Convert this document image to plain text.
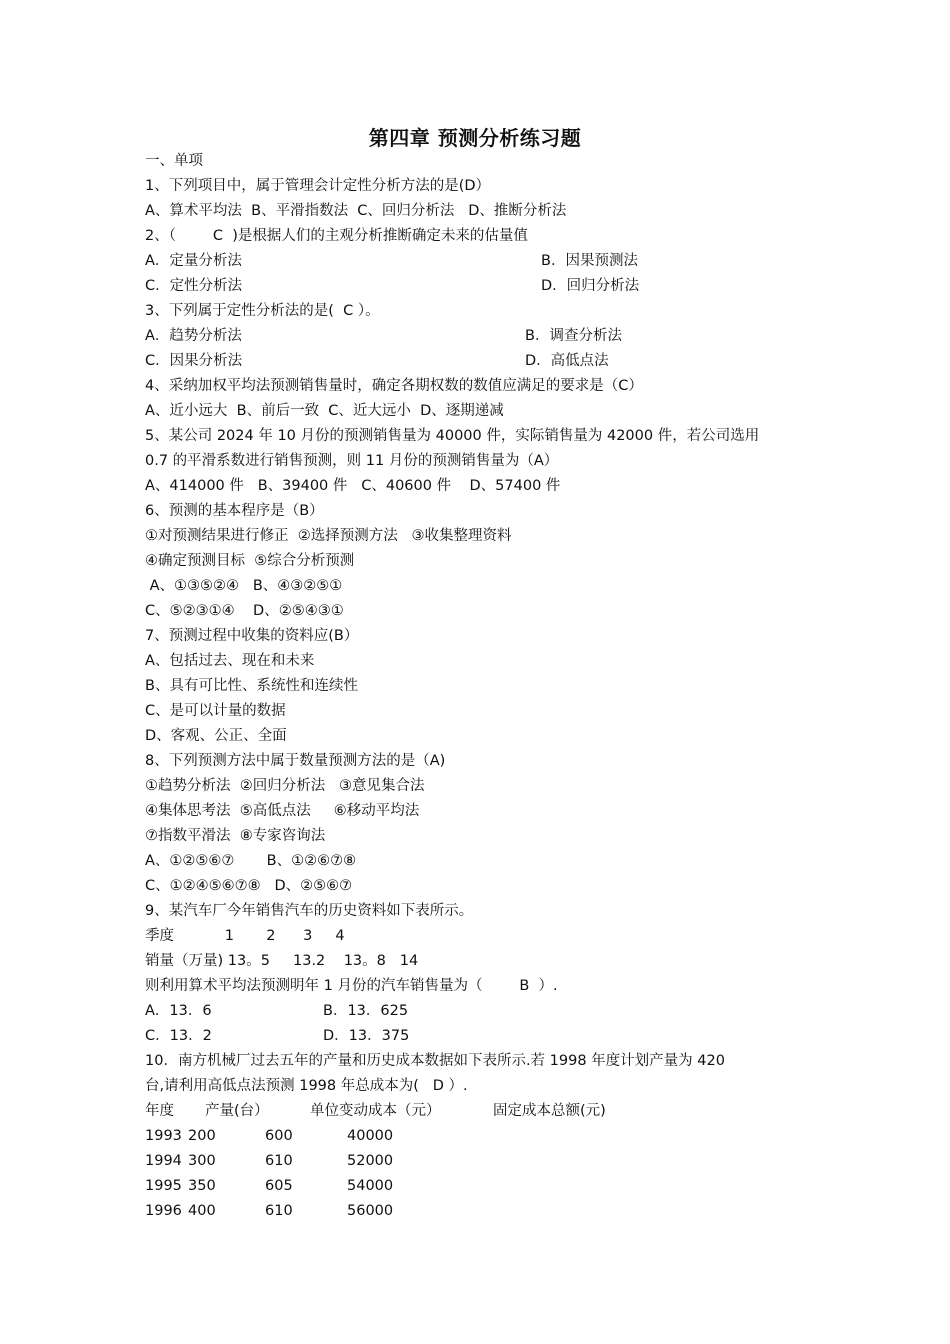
第四章 预测分析练习题
一、单项
1、下列项目中，属于管理会计定性分析方法的是(D）
A、算术平均法  B、平滑指数法  C、回归分析法   D、推断分析法
2、（        C  )是根据人们的主观分析推断确定未来的估量值
A．定量分析法	B．因果预测法
C．定性分析法	D．回归分析法
3、下列属于定性分析法的是(  C ）。
A．趋势分析法	B．调查分析法
C．因果分析法	D．高低点法
4、采纳加权平均法预测销售量时，确定各期权数的数值应满足的要求是（C）
A、近小远大  B、前后一致  C、近大远小  D、逐期递减
5、某公司 2024 年 10 月份的预测销售量为 40000 件，实际销售量为 42000 件，若公司选用
0.7 的平滑系数进行销售预测，则 11 月份的预测销售量为（A）
A、414000 件   B、39400 件   C、40600 件    D、57400 件
6、预测的基本程序是（B）
①对预测结果进行修正  ②选择预测方法   ③收集整理资料
④确定预测目标  ⑤综合分析预测
A、①③⑤②④   B、④③②⑤①
C、⑤②③①④    D、②⑤④③①
7、预测过程中收集的资料应(B）
A、包括过去、现在和未来
B、具有可比性、系统性和连续性
C、是可以计量的数据
D、客观、公正、全面
8、下列预测方法中属于数量预测方法的是（A)
①趋势分析法  ②回归分析法   ③意见集合法
④集体思考法  ⑤高低点法     ⑥移动平均法
⑦指数平滑法  ⑧专家咨询法
A、①②⑤⑥⑦       B、①②⑥⑦⑧
C、①②④⑤⑥⑦⑧   D、②⑤⑥⑦
9、某汽车厂今年销售汽车的历史资料如下表所示。
季度           1       2      3     4
销量（万量) 13。5     13.2    13。8   14
则利用算术平均法预测明年 1 月份的汽车销售量为（        B  ）.
A．13．6	B．13．625
C．13．2	D．13．375
10．南方机械厂过去五年的产量和历史成本数据如下表所示.若 1998 年度计划产量为 420
台,请利用高低点法预测 1998 年总成本为(   D ）.
年度 产量(台）	单位变动成本（元）	固定成本总额(元)
1993 200	600	40000
1994 300	610	52000
1995 350	605	54000
1996 400	610	56000
